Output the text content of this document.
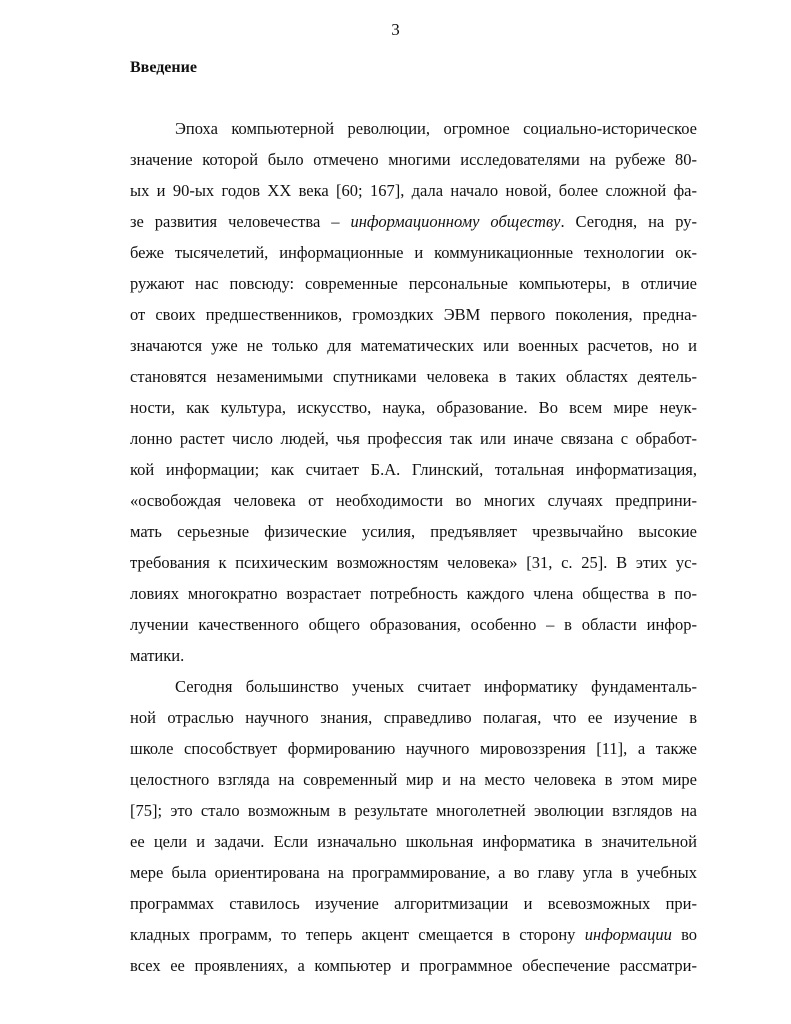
3
Введение
Эпоха компьютерной революции, огромное социально-историческое
значение которой было отмечено многими исследователями на рубеже 80-
ых и 90-ых годов XX века [60; 167], дала начало новой, более сложной фа-
зе развития человечества – информационному обществу. Сегодня, на ру-
беже тысячелетий, информационные и коммуникационные технологии ок-
ружают нас повсюду: современные персональные компьютеры, в отличие
от своих предшественников, громоздких ЭВМ первого поколения, предна-
значаются уже не только для математических или военных расчетов, но и
становятся незаменимыми спутниками человека в таких областях деятель-
ности, как культура, искусство, наука, образование. Во всем мире неук-
лонно растет число людей, чья профессия так или иначе связана с обработ-
кой информации; как считает Б.А. Глинский, тотальная информатизация,
«освобождая человека от необходимости во многих случаях предприни-
мать серьезные физические усилия, предъявляет чрезвычайно высокие
требования к психическим возможностям человека» [31, с. 25]. В этих ус-
ловиях многократно возрастает потребность каждого члена общества в по-
лучении качественного общего образования, особенно – в области инфор-
матики.
Сегодня большинство ученых считает информатику фундаменталь-
ной отраслью научного знания, справедливо полагая, что ее изучение в
школе способствует формированию научного мировоззрения [11], а также
целостного взгляда на современный мир и на место человека в этом мире
[75]; это стало возможным в результате многолетней эволюции взглядов на
ее цели и задачи. Если изначально школьная информатика в значительной
мере была ориентирована на программирование, а во главу угла в учебных
программах ставилось изучение алгоритмизации и всевозможных при-
кладных программ, то теперь акцент смещается в сторону информации во
всех ее проявлениях, а компьютер и программное обеспечение рассматри-
